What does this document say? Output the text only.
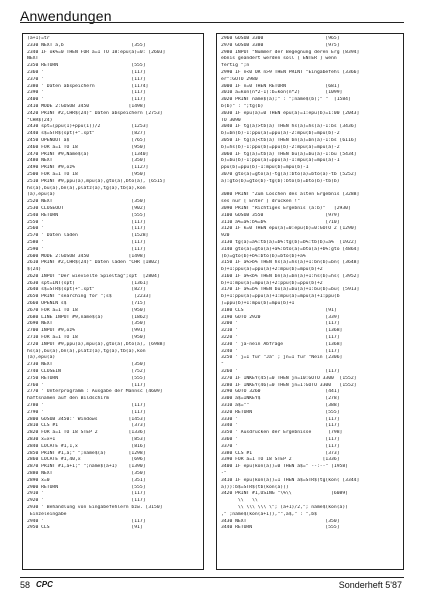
Anwendungen
(a+1)=tr
2330 NEXT a,b                        [355]
2340 IF ok%=0 THEN FOR a=1 TO 18:epu(a)=0: [2603]
NEXT
2350 RETURN                          [555]
2360 '                               [117]
2370 '                               [117]
2380 ' Daten abspeichern             [1174]
2390 '                               [117]
2400 '                               [117]
2410 MODE 2:GOSUB 3450              [1498]
2420 PRINT #2,CHR$(24)" Daten abspeichern [2753]
"CHR$(24)
2430 spt=(ppu(1)+ppu(1))/2           [1253]
2440 s$=STR$(spt)+".spt"             [827]
2450 OPENOUT a$                      [765]
2460 FOR a=1 TO 18                   [950]
2470 PRINT #9,Name$(a)               [1340]
2480 NEXT                            [350]
2490 PRINT #9,oz%                    [1127]
2500 FOR a=1 TO 18                   [950]
2510 PRINT #9,ppu(a),mpu(a),gto(a),bto(a), [6515]
hs(a),bu(a),bn(a),platz(a),tg(a),tb(a),kon
(a),epu(a)
2520 NEXT                            [350]
2530 CLOSEOUT                        [902]
2540 RETURN                          [555]
2550 '                               [117]
2560 '                               [117]
2570 ' Daten laden                   [1528]
2580 '                               [117]
2590 '                               [117]
2600 MODE 2:GOSUB 3450              [1498]
2610 PRINT #2,CHR$(24)" Daten laden "CHR [1802]
$(24)
2620 INPUT "Der wievielte Spieltag";spt  [2804]
2630 spt=INT(spt)                    [1361]
2640 s$=STR$(spt)+".spt"             [827]
2650 PRINT "searching for ";s$        [2233]
2660 OPENIN s$                       [715]
2670 FOR a=1 TO 18                   [950]
2680 LINE INPUT #9,name$(a)          [1862]
2690 NEXT                            [350]
2700 INPUT #9,oz%                    [991]
2710 FOR a=1 TO 18                   [950]
2720 INPUT #9,ppu(a),mpu(a),gto(a),bto(a), [6988]
hs(a),bu(a),bn(a),platz(a),tg(a),tb(a),kon
(a),epu(a)
2730 NEXT                            [350]
2740 CLOSEIN                         [752]
2750 RETURN                          [555]
2760 '                               [117]
2770 ' Unterprogramm : Ausgabe der Mannsc [4609]
haftsnamen auf den Bildschirm
2780 '                               [117]
2790 '                               [117]
2800 GOSUB 3450:' Windows           [1453]
2810 CLS #1                          [373]
2820 FOR a=1 TO 18 STEP 2           [1336]
2830 x=x+1                           [853]
2840 LOCATE #1,1,x                   [816]
2850 PRINT #1,a;" ";name$(a)        [1298]
2860 LOCATE #1,40,x                  [696]
2870 PRINT #1,a+1;" ";name$(a+1)    [1390]
2880 NEXT                            [350]
2890 x=0                             [351]
2900 RETURN                          [555]
2910 '                               [117]
2920 '                               [117]
2930 ' Behandlung von Eingabefehlern bzw. [3150]
Einzeleingabe
2940 '                               [117]
2950 CLS                             [91]
2960 GOSUB 3300                      [965]
2970 GOSUB 3380                      [975]
2980 INPUT "Nummer der Begegnung deren Erg [8394]
ebnis geändert werden soll [ ENTER ] wenn
fertig ";n
2990 IF n<0 OR n>9 THEN PRINT "Eingabefehl [3366]
er":GOTO 2980
3000 IF n=0 THEN RETURN              [681]
3010 a=kon(n*2-1):b=kon(n*2)         [1099]
3020 PRINT name$(a);" : ";name$(b);" "  [1584]
b(b)" : ";tg(b)
3030 IF epu(a)=0 THEN epu(a)=1:epu(b)=1:00 [2043]
TO 3090
3040 IF tg(a)>tb(a) THEN hs(a)=hs(a)-1:bs [3436]
b)=bn(b)-1:ppu(a)=ppu(a)-2:mpu(b)=mpu(b)-2
3050 IF tg(a)<tb(a) THEN bn(a)=bn(a)-1:bs [6116]
b)=hs(b)-1:ppu(b)=ppu(b)-2:mpu(a)=mpu(a)-2
3060 IF tg(a)=tb(a) THEN bu(a)=bu(a)-1:bu [5434]
b)=bu(b)-1:ppu(a)=ppu(a)-1:mpu(a)=mpu(a)-1
ppu(b)=ppu(b)-1:mpu(b)=mpu(b)-1
3070 gto(a)=gto(a)-tg(a):bto(a)=bto(a)-tb [5252]
a):gto(b)=gto(b)-tg(b):bto(b)=bto(b)-tb(b)

3080 PRINT "Zum Löschen des alten Ergebnis [3288]
ses nur [ Enter ] drücken !"
3090 PRINT "Richtiges Ergebnis (a:b)"   [2930]
3100 GOSUB 3550                      [979]
3110 a%=a%:b%=b%                     [710]
3120 IF k=0 THEN epu(a)=0:epu(b)=0:GOTO 2 [1290]
920
3130 tg(a)=a%:tb(a)=b%:tg(b)=b%:tb(b)=a%  [1922]
3140 gto(a)=gto(a)+a%:bto(a)=bto(a)+b%:gto [4864]
(b)=gto(b)+b%:bto(b)=bto(b)+a%
3150 IF a%>b% THEN hs(a)=hs(a)+1:bn(b)=bn( [3648]
b)+1:ppu(a)=ppu(a)+2:mpu(b)=mpu(b)+2
3160 IF a%<b% THEN bn(a)=bn(a)+1:hs(b)=hs( [3952]
b)+1:mpu(a)=mpu(a)+2:ppu(b)=ppu(b)+2
3170 IF a%=b% THEN bu(a)=bu(a)+1:bu(b)=bu( [5913]
b)+1:ppu(a)=ppu(a)+1:mpu(a)=mpu(a)+1:ppu(b
)=ppu(b)+1:mpu(b)=mpu(b)+1
3180 CLS                             [91]
3190 GOTO 2920                       [339]
3200 '                               [117]
3210 '                               [1368]
3220 '                               [117]
3230 ' ja-nein Abfrage               [1368]
3240 '                               [117]
3250 ' j=1 für "Ja" ; jn=1 für "Nein [2306]
"
3260 '                               [117]
3270 IF INKEY(45)=0 THEN jn=10:GOTO 3300  [1552]
3280 IF INKEY(46)=0 THEN jn=1:GOTO 3300   [1552]
3290 GOTO 3260                       [441]
3300 a$=INKEY$                       [278]
3310 a$=""                           [388]
3320 RETURN                          [555]
3330 '                               [117]
3340 '                               [117]
3350 ' Ausdrucken der Ergebnisse      [798]
3360 '                               [117]
3370 '                               [117]
3380 CLS #1                          [373]
3390 FOR a=1 TO 18 STEP 2           [1336]
3400 IF epu(kon(a))=0 THEN a$=" --:--" [1958]
-"
3410 IF epu(kon(a))=1 THEN a$=STR$(tg(kon( [3344]
a))):b$=STR$(tb(kon(a)))
3420 PRINT #1,USING "\%\\              [6089]
\\   \\
\\ \\\ \\\ \"; (a+1)/2,"; name$(kon(a))
," ;name$(kon(a+1)),"",a$," : ",b$
3430 NEXT                            [350]
3440 RETURN                          [555]
58 CPC	Sonderheft 5'87
